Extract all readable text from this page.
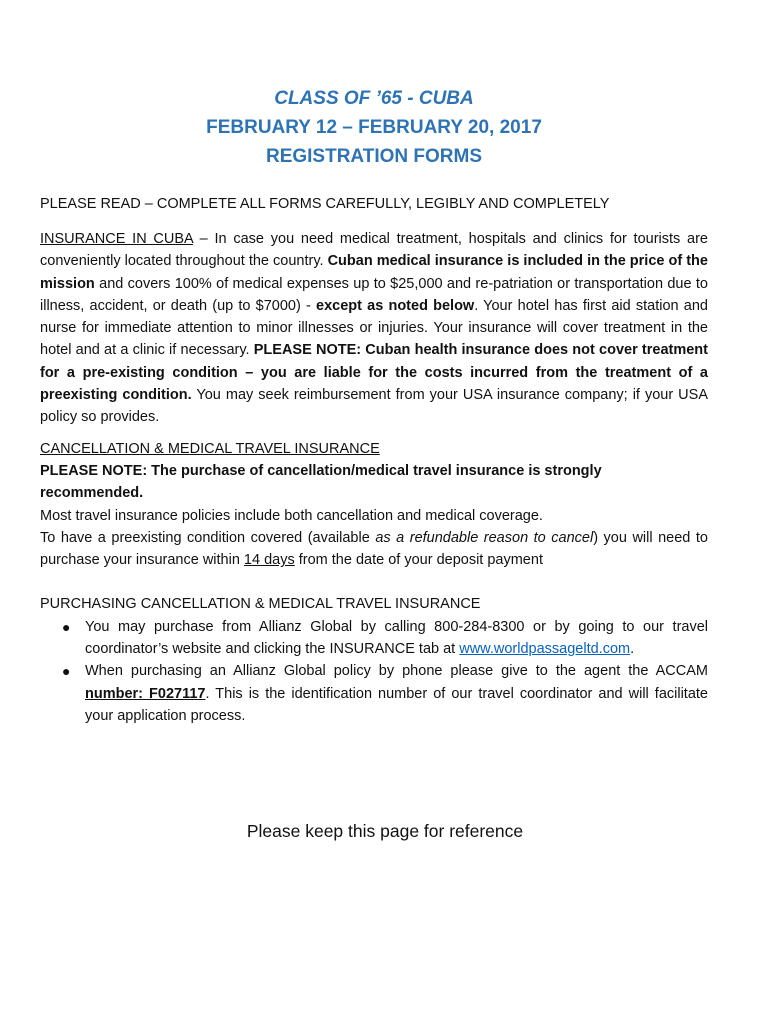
CLASS OF ’65 - CUBA
FEBRUARY 12 – FEBRUARY 20, 2017
REGISTRATION FORMS
PLEASE READ – COMPLETE ALL FORMS CAREFULLY, LEGIBLY AND COMPLETELY
INSURANCE IN CUBA – In case you need medical treatment, hospitals and clinics for tourists are conveniently located throughout the country. Cuban medical insurance is included in the price of the mission and covers 100% of medical expenses up to $25,000 and re-patriation or transportation due to illness, accident, or death (up to $7000) - except as noted below. Your hotel has first aid station and nurse for immediate attention to minor illnesses or injuries. Your insurance will cover treatment in the hotel and at a clinic if necessary. PLEASE NOTE: Cuban health insurance does not cover treatment for a pre-existing condition – you are liable for the costs incurred from the treatment of a preexisting condition. You may seek reimbursement from your USA insurance company; if your USA policy so provides.
CANCELLATION & MEDICAL TRAVEL INSURANCE
PLEASE NOTE: The purchase of cancellation/medical travel insurance is strongly recommended.
Most travel insurance policies include both cancellation and medical coverage.
To have a preexisting condition covered (available as a refundable reason to cancel) you will need to purchase your insurance within 14 days from the date of your deposit payment
PURCHASING CANCELLATION & MEDICAL TRAVEL INSURANCE
● You may purchase from Allianz Global by calling 800-284-8300 or by going to our travel coordinator’s website and clicking the INSURANCE tab at www.worldpassageltd.com.
● When purchasing an Allianz Global policy by phone please give to the agent the ACCAM number: F027117. This is the identification number of our travel coordinator and will facilitate your application process.
Please keep this page for reference
